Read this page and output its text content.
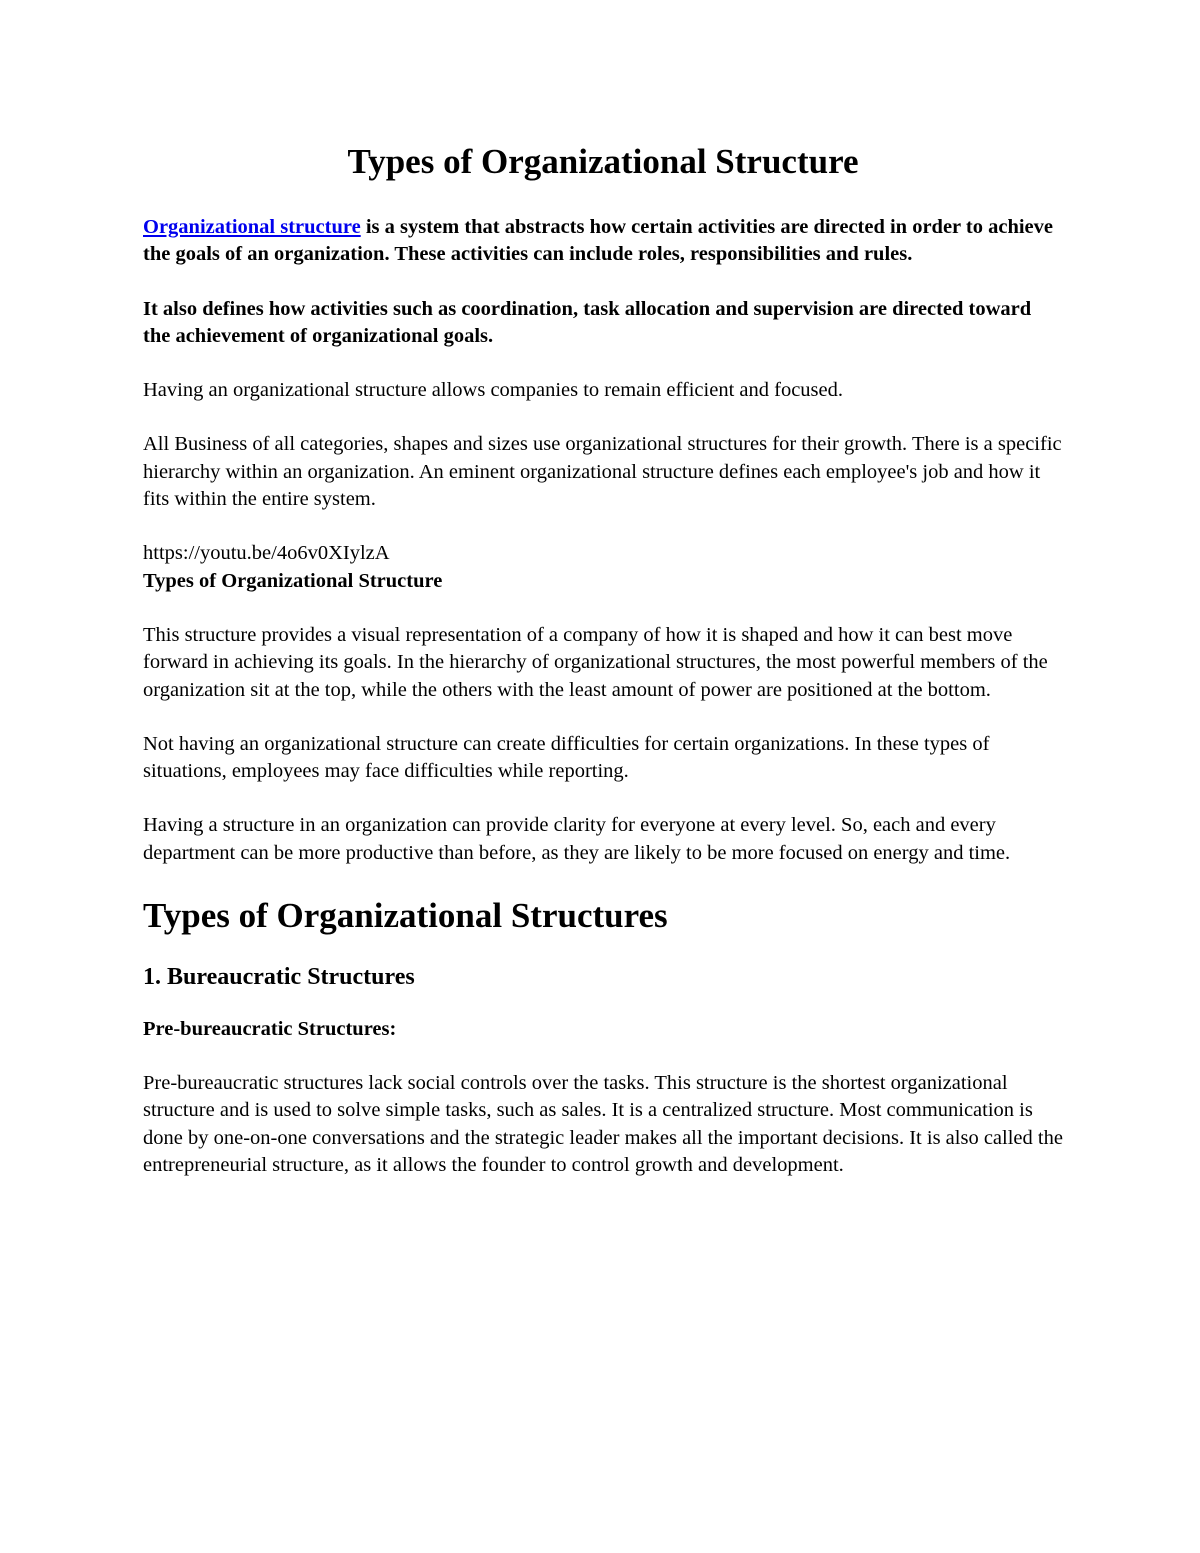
Types of Organizational Structure

Organizational structure is a system that abstracts how certain activities are directed in order to achieve the goals of an organization. These activities can include roles, responsibilities and rules.

It also defines how activities such as coordination, task allocation and supervision are directed toward the achievement of organizational goals.

Having an organizational structure allows companies to remain efficient and focused.

All Business of all categories, shapes and sizes use organizational structures for their growth. There is a specific hierarchy within an organization. An eminent organizational structure defines each employee's job and how it fits within the entire system.

https://youtu.be/4o6v0XIylzA

Types of Organizational Structure

This structure provides a visual representation of a company of how it is shaped and how it can best move forward in achieving its goals. In the hierarchy of organizational structures, the most powerful members of the organization sit at the top, while the others with the least amount of power are positioned at the bottom.

Not having an organizational structure can create difficulties for certain organizations. In these types of situations, employees may face difficulties while reporting.

Having a structure in an organization can provide clarity for everyone at every level. So, each and every department can be more productive than before, as they are likely to be more focused on energy and time.

Types of Organizational Structures
1. Bureaucratic Structures
Pre-bureaucratic Structures:

Pre-bureaucratic structures lack social controls over the tasks. This structure is the shortest organizational structure and is used to solve simple tasks, such as sales. It is a centralized structure. Most communication is done by one-on-one conversations and the strategic leader makes all the important decisions. It is also called the entrepreneurial structure, as it allows the founder to control growth and development.
